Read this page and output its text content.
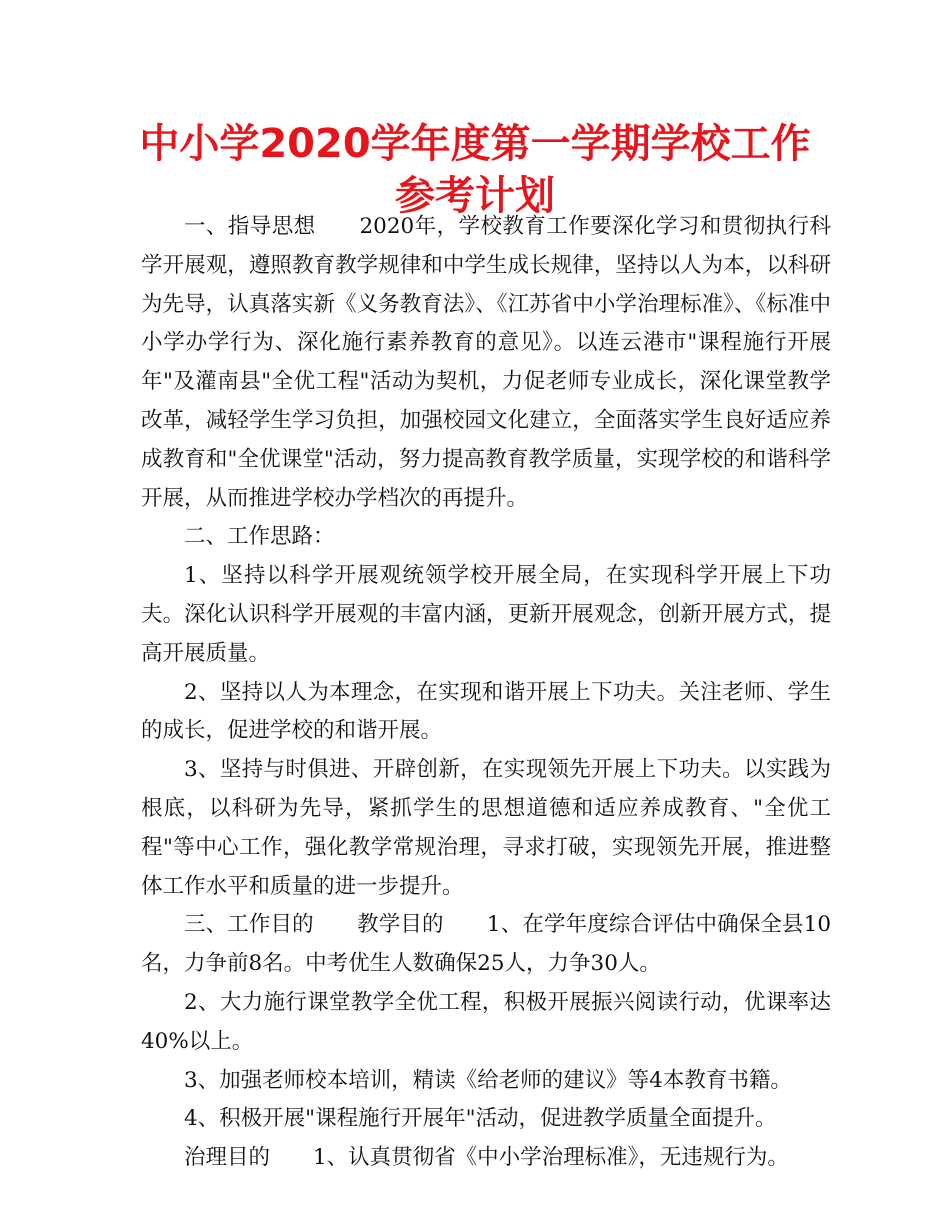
中小学2020学年度第一学期学校工作参考计划

一、指导思想　　2020年，学校教育工作要深化学习和贯彻执行科学开展观，遵照教育教学规律和中学生成长规律，坚持以人为本，以科研为先导，认真落实新《义务教育法》、《江苏省中小学治理标准》、《标准中小学办学行为、深化施行素养教育的意见》。以连云港市"课程施行开展年"及灌南县"全优工程"活动为契机，力促老师专业成长，深化课堂教学改革，减轻学生学习负担，加强校园文化建立，全面落实学生良好适应养成教育和"全优课堂"活动，努力提高教育教学质量，实现学校的和谐科学开展，从而推进学校办学档次的再提升。

二、工作思路：

1、坚持以科学开展观统领学校开展全局，在实现科学开展上下功夫。深化认识科学开展观的丰富内涵，更新开展观念，创新开展方式，提高开展质量。

2、坚持以人为本理念，在实现和谐开展上下功夫。关注老师、学生的成长，促进学校的和谐开展。

3、坚持与时俱进、开辟创新，在实现领先开展上下功夫。以实践为根底，以科研为先导，紧抓学生的思想道德和适应养成教育、"全优工程"等中心工作，强化教学常规治理，寻求打破，实现领先开展，推进整体工作水平和质量的进一步提升。

三、工作目的　　教学目的　　1、在学年度综合评估中确保全县10名，力争前8名。中考优生人数确保25人，力争30人。

2、大力施行课堂教学全优工程，积极开展振兴阅读行动，优课率达40%以上。

3、加强老师校本培训，精读《给老师的建议》等4本教育书籍。

4、积极开展"课程施行开展年"活动，促进教学质量全面提升。

治理目的　　1、认真贯彻省《中小学治理标准》，无违规行为。
